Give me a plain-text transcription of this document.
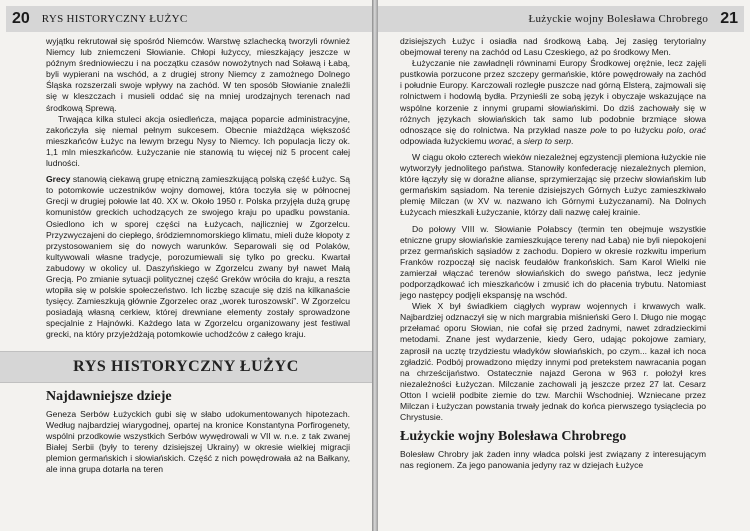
20	RYS HISTORYCZNY ŁUŻYC

wyjątku rekrutował się spośród Niemców. Warstwę szlachecką tworzyli również Niemcy lub zniemczeni Słowianie. Chłopi łużyccy, mieszkający jeszcze w późnym średniowieczu i na początku czasów nowożytnych nad Soławą i Łabą, byli wypierani na wschód, a z drugiej strony Niemcy z zamożnego Dolnego Śląska rozszerzali swoje wpływy na zachód. W ten sposób Słowianie znaleźli się w kleszczach i musieli oddać się na mniej urodzajnych terenach nad środkową Sprewą.

Trwająca kilka stuleci akcja osiedleńcza, mająca poparcie administracyjne, zakończyła się niemal pełnym sukcesem. Obecnie miażdżąca większość mieszkańców Łużyc na lewym brzegu Nysy to Niemcy. Ich populacja liczy ok. 1,1 mln mieszkańców. Łużyczanie nie stanowią tu więcej niż 5 procent całej ludności.

Grecy stanowią ciekawą grupę etniczną zamieszkującą polską część Łużyc. Są to potomkowie uczestników wojny domowej, która toczyła się w północnej Grecji w drugiej połowie lat 40. XX w. Około 1950 r. Polska przyjęła dużą grupę komunistów greckich uchodzących ze swojego kraju po upadku powstania. Osiedlono ich w sporej części na Łużycach, najliczniej w Zgorzelcu. Przyzwyczajeni do ciepłego, śródziemnomorskiego klimatu, mieli duże kłopoty z przystosowaniem się do nowych warunków. Separowali się od Polaków, kultywowali własne tradycje, porozumiewali się tylko po grecku. Kwartał zabudowy w okolicy ul. Daszyńskiego w Zgorzelcu zwany był nawet Małą Grecją. Po zmianie sytuacji politycznej część Greków wróciła do kraju, a reszta wtopiła się w polskie społeczeństwo. Ich liczbę szacuje się dziś na kilkanaście tysięcy. Zamieszkują głównie Zgorzelec oraz „worek turoszowski”. W Zgorzelcu posiadają własną cerkiew, której drewniane elementy zostały sprowadzone specjalnie z Hajnówki. Każdego lata w Zgorzelcu organizowany jest festiwal grecki, na który przyjeżdżają potomkowie uchodźców z całego kraju.

RYS HISTORYCZNY ŁUŻYC
Najdawniejsze dzieje

Geneza Serbów Łużyckich gubi się w słabo udokumentowanych hipotezach. Według najbardziej wiarygodnej, opartej na kronice Konstantyna Porfirogenety, wspólni przodkowie wszystkich Serbów wywędrowali w VII w. n.e. z tak zwanej Białej Serbii (były to tereny dzisiejszej Ukrainy) w okresie wielkiej migracji plemion germańskich i słowiańskich. Część z nich powędrowała aż na Bałkany, ale inna grupa dotarła na teren

Łużyckie wojny Bolesława Chrobrego 21

dzisiejszych Łużyc i osiadła nad środkową Łabą. Jej zasięg terytorialny obejmował tereny na zachód od Lasu Czeskiego, aż po środkowy Men.

Łużyczanie nie zawładnęli równinami Europy Środkowej orężnie, lecz zajęli pustkowia porzucone przez szczepy germańskie, które powędrowały na zachód i południe Europy. Karczowali rozległe puszcze nad górną Elsterą, zajmowali się rolnictwem i hodowlą bydła. Przynieśli ze sobą język i obyczaje wskazujące na wspólne korzenie z innymi grupami słowiańskimi. Do dziś zachowały się w różnych językach słowiańskich tak samo lub podobnie brzmiące słowa odnoszące się do rolnictwa. Na przykład nasze pole to po łużycku polo, orać odpowiada łużyckiemu worać, a sierp to serp.

W ciągu około czterech wieków niezależnej egzystencji plemiona łużyckie nie wytworzyły jednolitego państwa. Stanowiły konfederację niezależnych plemion, które łączyły się w doraźne alianse, sprzymierzając się przeciw słowiańskim lub germańskim sąsiadom. Na terenie dzisiejszych Górnych Łużyc zamieszkiwało plemię Milczan (w XV w. nazwano ich Górnymi Łużyczanami). Na Dolnych Łużycach mieszkali Łużyczanie, którzy dali nazwę całej krainie.

Do połowy VIII w. Słowianie Połabscy (termin ten obejmuje wszystkie etniczne grupy słowiańskie zamieszkujące tereny nad Łabą) nie byli niepokojeni przez germańskich sąsiadów z zachodu. Dopiero w okresie rozkwitu imperium Franków rozpoczął się nacisk feudałów frankońskich. Sam Karol Wielki nie zamierzał włączać terenów słowiańskich do swego państwa, lecz jedynie podporządkować ich mieszkańców i zmusić ich do płacenia trybutu. Natomiast jego następcy podjęli ekspansję na wschód.

Wiek X był świadkiem ciągłych wypraw wojennych i krwawych walk. Najbardziej odznaczył się w nich margrabia miśnieński Gero I. Długo nie mogąc przełamać oporu Słowian, nie cofał się przed żadnymi, nawet zdradzieckimi metodami. Znane jest wydarzenie, kiedy Gero, udając pokojowe zamiary, zaprosił na ucztę trzydziestu władyków słowiańskich, po czym... kazał ich noca zgładzić. Podbój prowadzono między innymi pod pretekstem nawracania pogan na chrześcijaństwo. Ostatecznie najazd Gerona w 963 r. położył kres niezależności Łużyczan. Milczanie zachowali ją jeszcze przez 27 lat. Cesarz Otton I wcielił podbite ziemie do tzw. Marchii Wschodniej. Wzniecane przez Milczan i Łużyczan powstania trwały jednak do końca pierwszego tysiąclecia po Chrystusie.

Łużyckie wojny Bolesława Chrobrego

Bolesław Chrobry jak żaden inny władca polski jest związany z interesującym nas regionem. Za jego panowania jedyny raz w dziejach Łużyce
